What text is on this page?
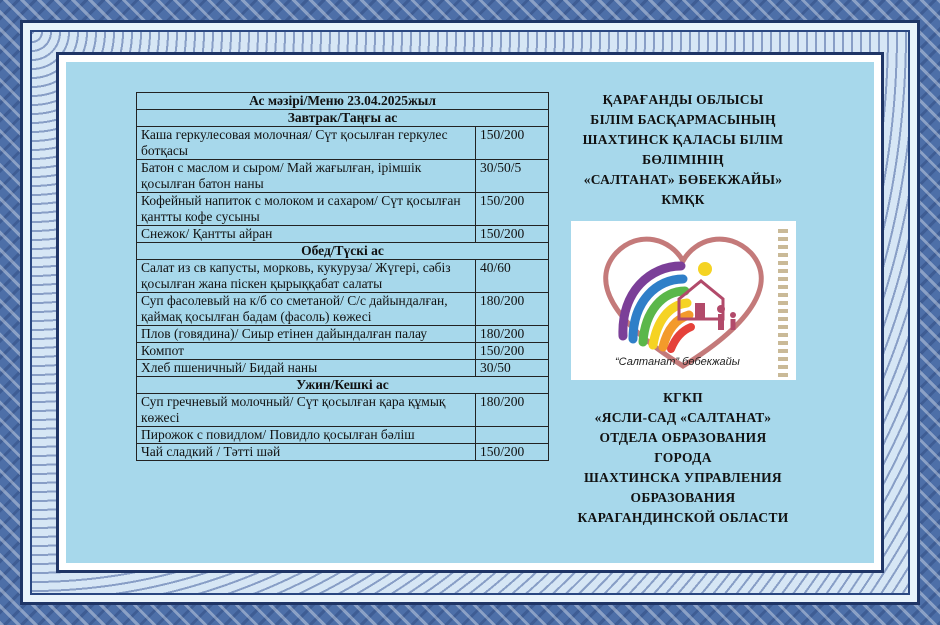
Ас мәзірі/Меню 23.04.2025жыл	
Завтрак/Таңғы ас	
Каша геркулесовая молочная/ Сүт қосылған геркулес ботқасы	150/200
Батон с маслом и сыром/ Май жағылған, ірімшік қосылған батон наны	30/50/5
Кофейный напиток с молоком и сахаром/ Сүт қосылған қантты кофе сусыны	150/200
Снежок/ Қантты айран	150/200
Обед/Түскі ас	
Салат из св капусты, морковь, кукуруза/ Жүгері, сәбіз қосылған жана піскен қырыққабат салаты	40/60
Суп фасолевый на к/б со сметаной/ С/с дайындалған, қаймақ қосылған бадам (фасоль) көжесі	180/200
Плов (говядина)/ Сиыр етінен дайындалған палау	180/200
Компот	150/200
Хлеб пшеничный/ Бидай наны	30/50
Ужин/Кешкі ас	
Суп гречневый молочный/ Сүт қосылған қара құмық көжесі	180/200
Пирожок с повидлом/ Повидло қосылған бәліш	
Чай сладкий / Тәтті шәй	150/200
ҚАРАҒАНДЫ ОБЛЫСЫ
БІЛІМ БАСҚАРМАСЫНЫҢ
ШАХТИНСК ҚАЛАСЫ БІЛІМ
БӨЛІМІНІҢ
«САЛТАНАТ» БӨБЕКЖАЙЫ»
КМҚК
“Салтанат” бөбекжайы
КГКП
«ЯСЛИ-САД «САЛТАНАТ»
ОТДЕЛА ОБРАЗОВАНИЯ
ГОРОДА
ШАХТИНСКА УПРАВЛЕНИЯ
ОБРАЗОВАНИЯ
КАРАГАНДИНСКОЙ ОБЛАСТИ
